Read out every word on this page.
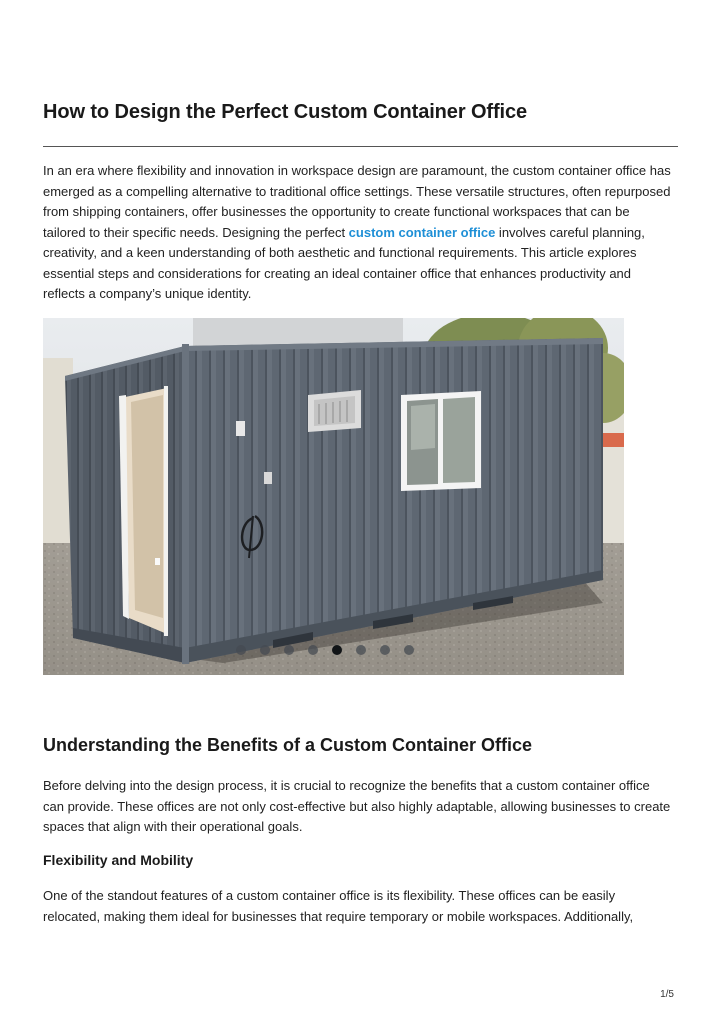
How to Design the Perfect Custom Container Office

In an era where flexibility and innovation in workspace design are paramount, the custom container office has emerged as a compelling alternative to traditional office settings. These versatile structures, often repurposed from shipping containers, offer businesses the opportunity to create functional workspaces that can be tailored to their specific needs. Designing the perfect custom container office involves careful planning, creativity, and a keen understanding of both aesthetic and functional requirements. This article explores essential steps and considerations for creating an ideal container office that enhances productivity and reflects a company’s unique identity.

Understanding the Benefits of a Custom Container Office

Before delving into the design process, it is crucial to recognize the benefits that a custom container office can provide. These offices are not only cost-effective but also highly adaptable, allowing businesses to create spaces that align with their operational goals.

Flexibility and Mobility

One of the standout features of a custom container office is its flexibility. These offices can be easily relocated, making them ideal for businesses that require temporary or mobile workspaces. Additionally,

1/5
